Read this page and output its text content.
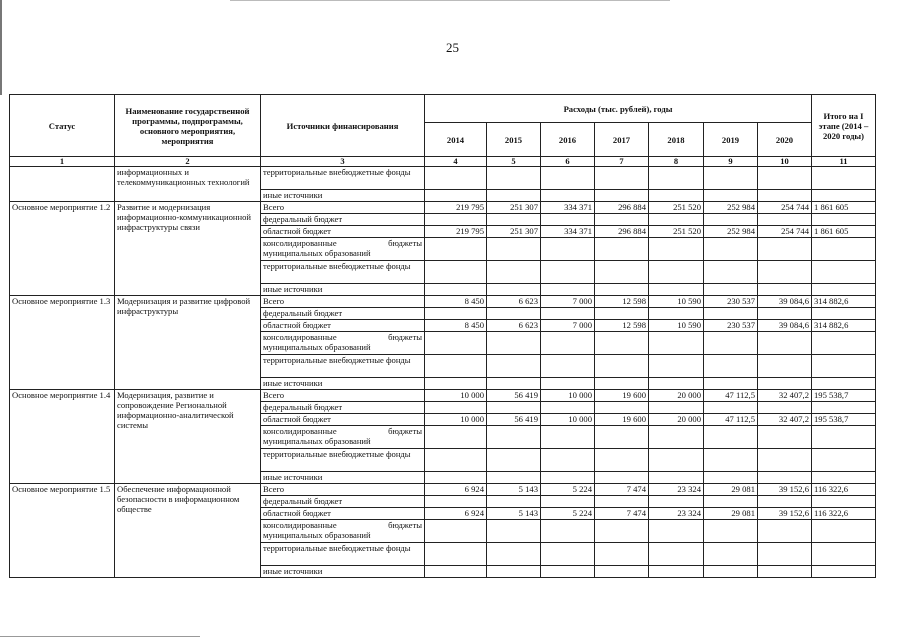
25
Статус	Наименование государственной программы, подпрограммы, основного мероприятия, мероприятия	Источники финансирования	Расходы (тыс. рублей), годы							Итого на I этапе (2014 – 2020 годы)
			2014	2015	2016	2017	2018	2019	2020	
1	2	3	4	5	6	7	8	9	10	11
	информационных и телекоммуникационных технологий	территориальные внебюджетные фонды								
		иные источники								
Основное мероприятие 1.2	Развитие и модернизация информационно-коммуникационной инфраструктуры связи	Всего	219 795	251 307	334 371	296 884	251 520	252 984	254 744	1 861 605
		федеральный бюджет								
		областной бюджет	219 795	251 307	334 371	296 884	251 520	252 984	254 744	1 861 605
		консолидированные бюджеты муниципальных образований								
		территориальные внебюджетные фонды								
		иные источники								
Основное мероприятие 1.3	Модернизация и развитие цифровой инфраструктуры	Всего	8 450	6 623	7 000	12 598	10 590	230 537	39 084,6	314 882,6
		федеральный бюджет								
		областной бюджет	8 450	6 623	7 000	12 598	10 590	230 537	39 084,6	314 882,6
		консолидированные бюджеты муниципальных образований								
		территориальные внебюджетные фонды								
		иные источники								
Основное мероприятие 1.4	Модернизация, развитие и сопровождение Региональной информационно-аналитической системы	Всего	10 000	56 419	10 000	19 600	20 000	47 112,5	32 407,2	195 538,7
		федеральный бюджет								
		областной бюджет	10 000	56 419	10 000	19 600	20 000	47 112,5	32 407,2	195 538,7
		консолидированные бюджеты муниципальных образований								
		территориальные внебюджетные фонды								
		иные источники								
Основное мероприятие 1.5	Обеспечение информационной безопасности в информационном обществе	Всего	6 924	5 143	5 224	7 474	23 324	29 081	39 152,6	116 322,6
		федеральный бюджет								
		областной бюджет	6 924	5 143	5 224	7 474	23 324	29 081	39 152,6	116 322,6
		консолидированные бюджеты муниципальных образований								
		территориальные внебюджетные фонды								
		иные источники								
